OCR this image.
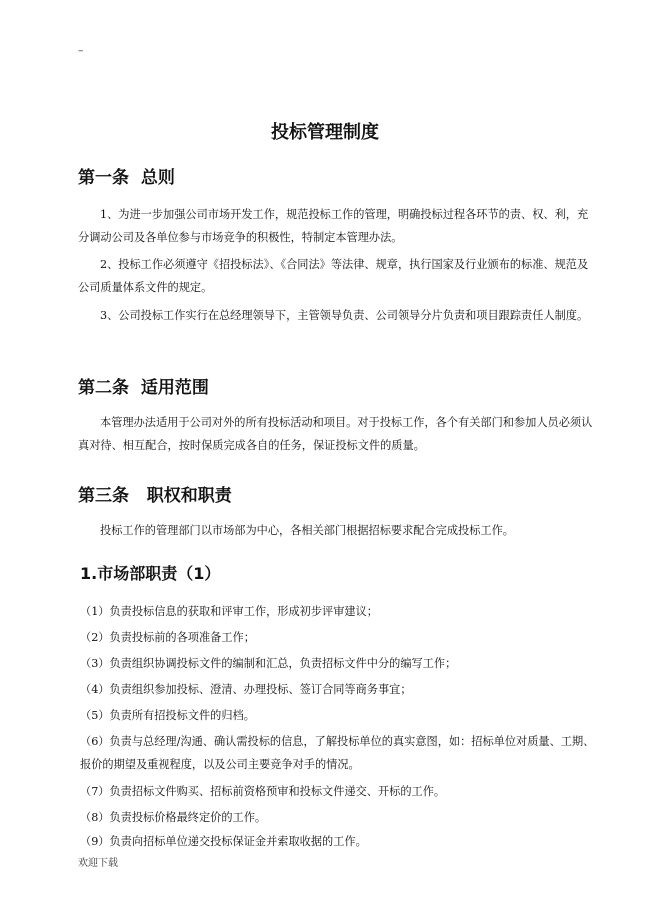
–
投标管理制度
第一条  总则
1、为进一步加强公司市场开发工作，规范投标工作的管理，明确投标过程各环节的责、权、利，充分调动公司及各单位参与市场竞争的积极性，特制定本管理办法。
2、投标工作必须遵守《招投标法》、《合同法》等法律、规章，执行国家及行业颁布的标准、规范及公司质量体系文件的规定。
3、公司投标工作实行在总经理领导下，主管领导负责、公司领导分片负责和项目跟踪责任人制度。
第二条  适用范围
本管理办法适用于公司对外的所有投标活动和项目。对于投标工作，各个有关部门和参加人员必须认真对待、相互配合，按时保质完成各自的任务，保证投标文件的质量。
第三条   职权和职责
投标工作的管理部门以市场部为中心，各相关部门根据招标要求配合完成投标工作。
1.市场部职责（1）
（1）负责投标信息的获取和评审工作，形成初步评审建议；
（2）负责投标前的各项准备工作；
（3）负责组织协调投标文件的编制和汇总，负责招标文件中分的编写工作；
（4）负责组织参加投标、澄清、办理投标、签订合同等商务事宜；
（5）负责所有招投标文件的归档。
（6）负责与总经理/沟通、确认需投标的信息，了解投标单位的真实意图，如：招标单位对质量、工期、报价的期望及重视程度，以及公司主要竞争对手的情况。
（7）负责招标文件购买、招标前资格预审和投标文件递交、开标的工作。
（8）负责投标价格最终定价的工作。
（9）负责向招标单位递交投标保证金并索取收据的工作。
欢迎下载
